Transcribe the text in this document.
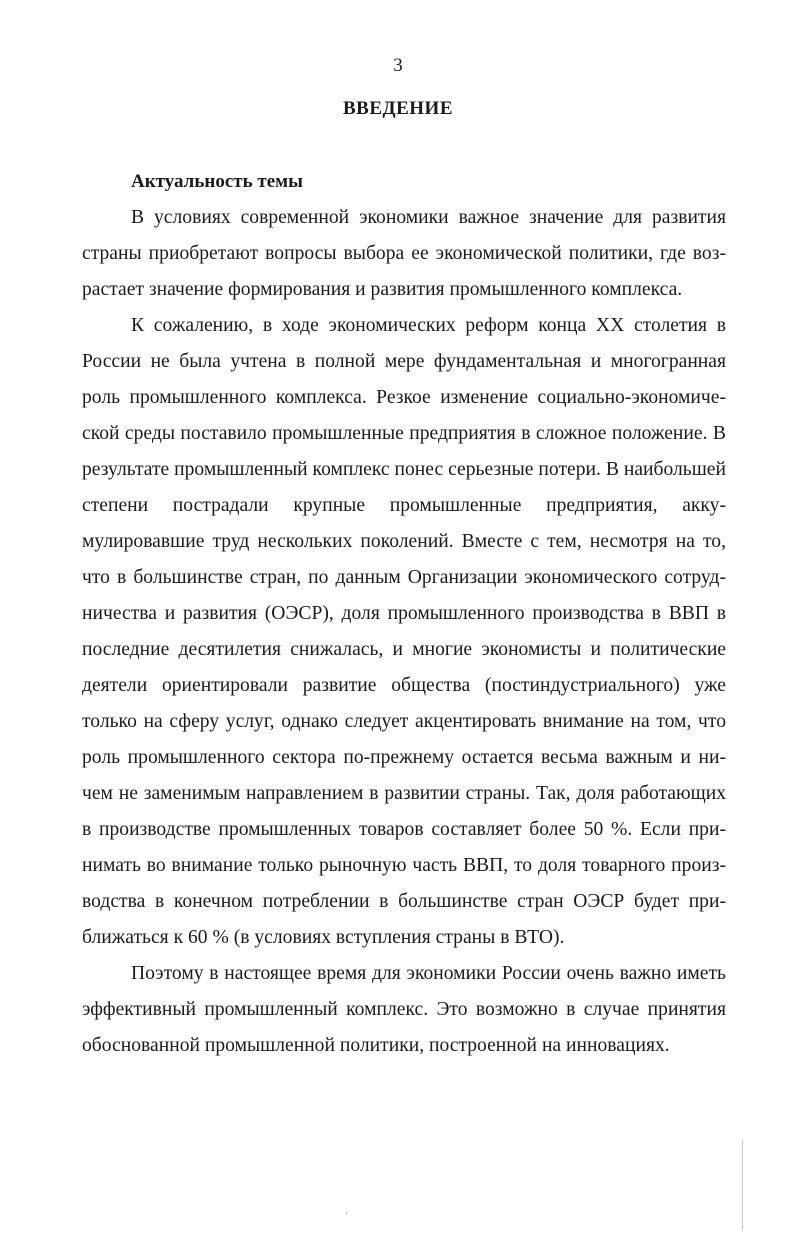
3
ВВЕДЕНИЕ
Актуальность темы

В условиях современной экономики важное значение для развития страны приобретают вопросы выбора ее экономической политики, где возрастает значение формирования и развития промышленного комплекса.

К сожалению, в ходе экономических реформ конца XX столетия в России не была учтена в полной мере фундаментальная и многогранная роль промышленного комплекса. Резкое изменение социально-экономической среды поставило промышленные предприятия в сложное положение. В результате промышленный комплекс понес серьезные потери. В наибольшей степени пострадали крупные промышленные предприятия, аккумулировавшие труд нескольких поколений. Вместе с тем, несмотря на то, что в большинстве стран, по данным Организации экономического сотрудничества и развития (ОЭСР), доля промышленного производства в ВВП в последние десятилетия снижалась, и многие экономисты и политические деятели ориентировали развитие общества (постиндустриального) уже только на сферу услуг, однако следует акцентировать внимание на том, что роль промышленного сектора по-прежнему остается весьма важным и ничем не заменимым направлением в развитии страны. Так, доля работающих в производстве промышленных товаров составляет более 50 %. Если принимать во внимание только рыночную часть ВВП, то доля товарного производства в конечном потреблении в большинстве стран ОЭСР будет приближаться к 60 % (в условиях вступления страны в ВТО).

Поэтому в настоящее время для экономики России очень важно иметь эффективный промышленный комплекс. Это возможно в случае принятия обоснованной промышленной политики, построенной на инновациях.
